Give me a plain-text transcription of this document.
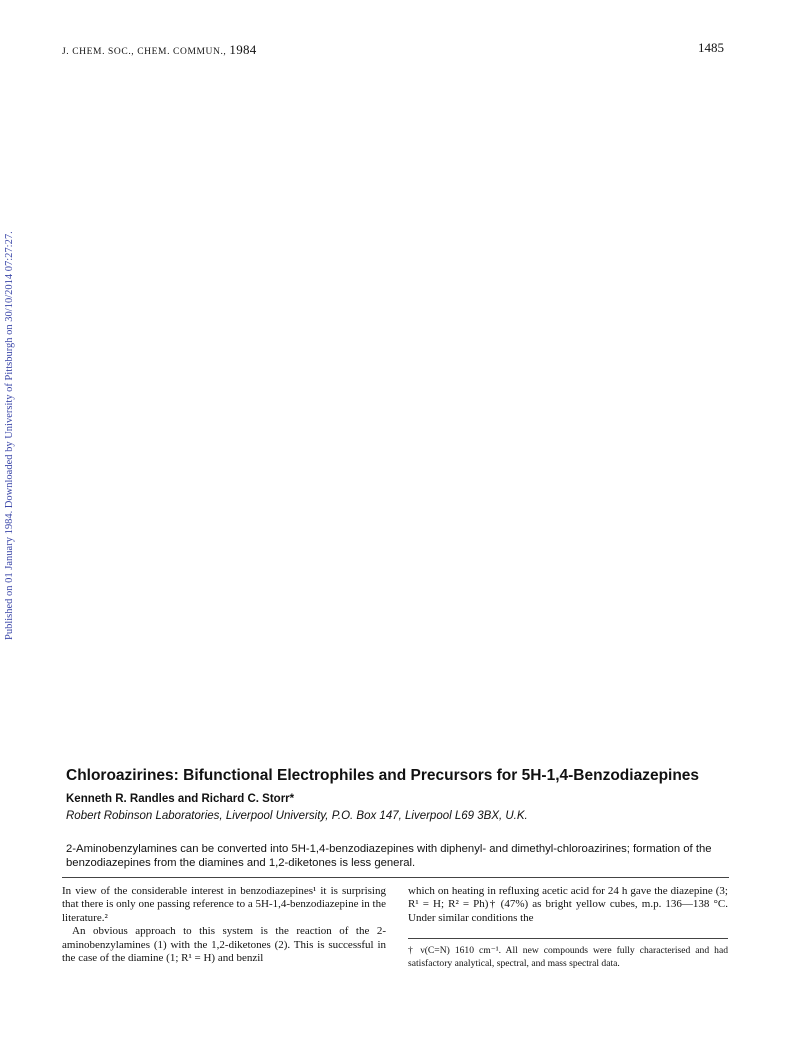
J. CHEM. SOC., CHEM. COMMUN., 1984	1485
Published on 01 January 1984. Downloaded by University of Pittsburgh on 30/10/2014 07:27:27.
Chloroazirines: Bifunctional Electrophiles and Precursors for 5H-1,4-Benzodiazepines
Kenneth R. Randles and Richard C. Storr*
Robert Robinson Laboratories, Liverpool University, P.O. Box 147, Liverpool L69 3BX, U.K.
2-Aminobenzylamines can be converted into 5H-1,4-benzodiazepines with diphenyl- and dimethyl-chloroazirines; formation of the benzodiazepines from the diamines and 1,2-diketones is less general.

In view of the considerable interest in benzodiazepines¹ it is surprising that there is only one passing reference to a 5H-1,4-benzodiazepine in the literature.²

An obvious approach to this system is the reaction of the 2-aminobenzylamines (1) with the 1,2-diketones (2). This is successful in the case of the diamine (1; R¹ = H) and benzil

which on heating in refluxing acetic acid for 24 h gave the diazepine (3; R¹ = H; R² = Ph)† (47%) as bright yellow cubes, m.p. 136—138 °C. Under similar conditions the

† ν(C=N) 1610 cm⁻¹. All new compounds were fully characterised and had satisfactory analytical, spectral, and mass spectral data.
